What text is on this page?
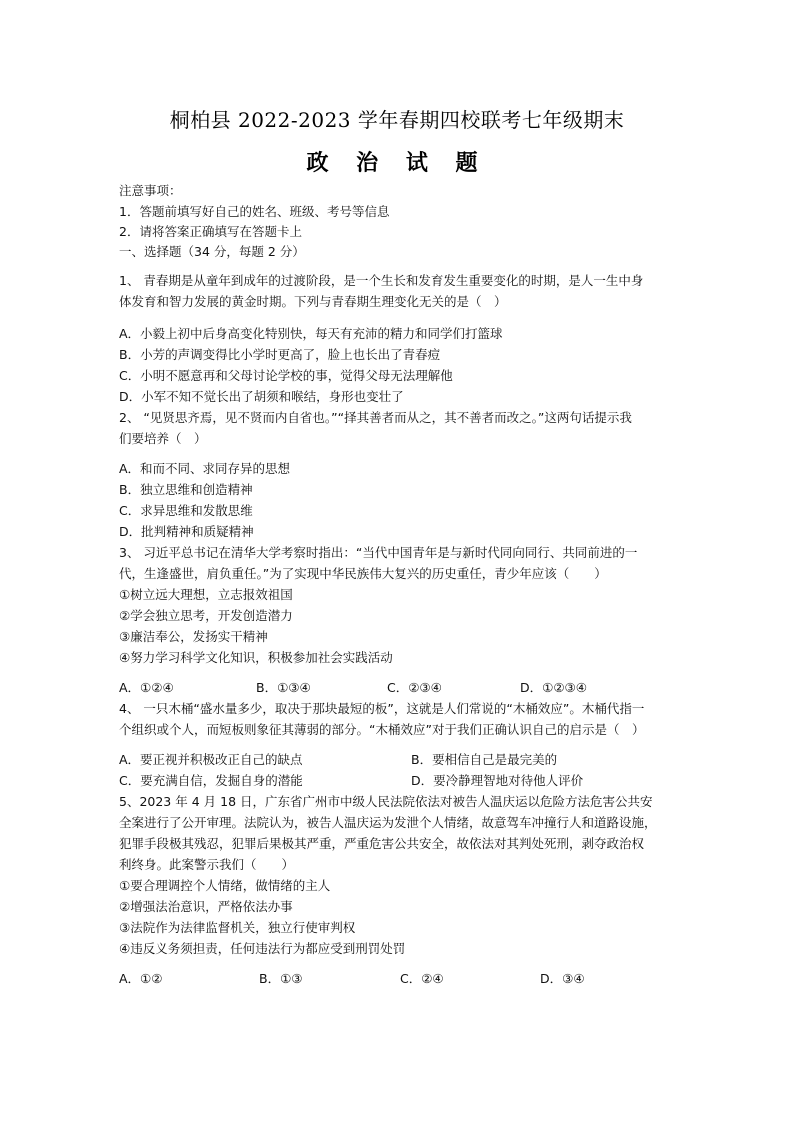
桐柏县 2022-2023 学年春期四校联考七年级期末
政 治 试 题
注意事项：
1．答题前填写好自己的姓名、班级、考号等信息
2．请将答案正确填写在答题卡上
一、选择题（34 分，每题 2 分）
1、 青春期是从童年到成年的过渡阶段，是一个生长和发育发生重要变化的时期，是人一生中身
体发育和智力发展的黄金时期。下列与青春期生理变化无关的是（　）
A．小毅上初中后身高变化特别快，每天有充沛的精力和同学们打篮球
B．小芳的声调变得比小学时更高了，脸上也长出了青春痘
C．小明不愿意再和父母讨论学校的事，觉得父母无法理解他
D．小军不知不觉长出了胡须和喉结，身形也变壮了
2、 “见贤思齐焉，见不贤而内自省也。”“择其善者而从之，其不善者而改之。”这两句话提示我
们要培养（　）
A．和而不同、求同存异的思想
B．独立思维和创造精神
C．求异思维和发散思维
D．批判精神和质疑精神
3、 习近平总书记在清华大学考察时指出：“当代中国青年是与新时代同向同行、共同前进的一
代，生逢盛世，肩负重任。”为了实现中华民族伟大复兴的历史重任，青少年应该（　　）
①树立远大理想，立志报效祖国
②学会独立思考，开发创造潜力
③廉洁奉公，发扬实干精神
④努力学习科学文化知识，积极参加社会实践活动
A．①②④	B．①③④	C．②③④	D．①②③④
4、 一只木桶“盛水量多少，取决于那块最短的板”，这就是人们常说的“木桶效应”。木桶代指一
个组织或个人，而短板则象征其薄弱的部分。“木桶效应”对于我们正确认识自己的启示是（　）
A．要正视并积极改正自己的缺点	B．要相信自己是最完美的
C．要充满自信，发掘自身的潜能	D．要冷静理智地对待他人评价
5、2023 年 4 月 18 日，广东省广州市中级人民法院依法对被告人温庆运以危险方法危害公共安
全案进行了公开审理。法院认为，被告人温庆运为发泄个人情绪，故意驾车冲撞行人和道路设施，
犯罪手段极其残忍，犯罪后果极其严重，严重危害公共安全，故依法对其判处死刑，剥夺政治权
利终身。此案警示我们（　　）
①要合理调控个人情绪，做情绪的主人
②增强法治意识，严格依法办事
③法院作为法律监督机关，独立行使审判权
④违反义务须担责，任何违法行为都应受到刑罚处罚
A．①②	B．①③	C．②④	D．③④
